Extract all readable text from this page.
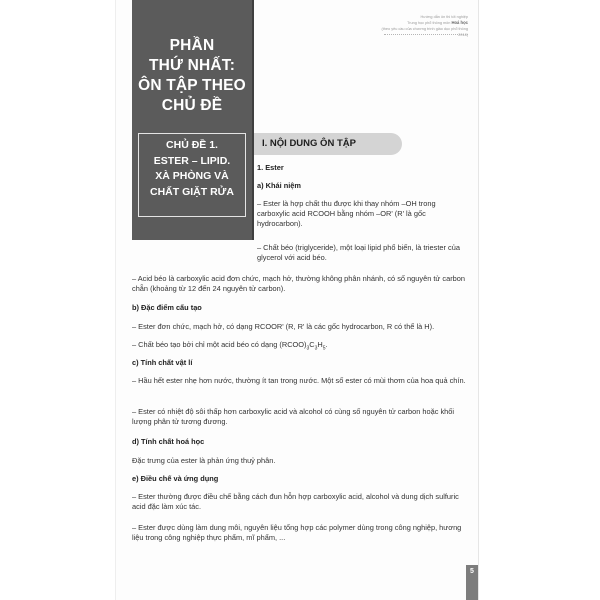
PHẦN
THỨ NHẤT:
ÔN TẬP THEO
CHỦ ĐỀ
CHỦ ĐỀ 1.
ESTER – LIPID.
XÀ PHÒNG VÀ
CHẤT GIẶT RỬA
Hướng dẫn ôn thi tốt nghiệp
Trung học phổ thông môn Hoá học
(theo yêu cầu của chương trình giáo dục phổ thông 2018)
I. NỘI DUNG ÔN TẬP
1. Ester
a) Khái niệm
– Ester là hợp chất thu được khi thay nhóm –OH trong carboxylic acid RCOOH bằng nhóm –OR' (R' là gốc hydrocarbon).
– Chất béo (triglyceride), một loại lipid phổ biến, là triester của glycerol với acid béo.
– Acid béo là carboxylic acid đơn chức, mạch hở, thường không phân nhánh, có số nguyên tử carbon chẵn (khoảng từ 12 đến 24 nguyên tử carbon).
b) Đặc điểm cấu tạo
– Ester đơn chức, mạch hở, có dạng RCOOR' (R, R' là các gốc hydrocarbon, R có thể là H).
– Chất béo tạo bởi chỉ một acid béo có dạng $(RCOO)_3C_3H_5$.
c) Tính chất vật lí
– Hầu hết ester nhẹ hơn nước, thường ít tan trong nước. Một số ester có mùi thơm của hoa quả chín.
– Ester có nhiệt độ sôi thấp hơn carboxylic acid và alcohol có cùng số nguyên tử carbon hoặc khối lượng phân tử tương đương.
d) Tính chất hoá học
Đặc trưng của ester là phản ứng thuỷ phân.
e) Điều chế và ứng dụng
– Ester thường được điều chế bằng cách đun hỗn hợp carboxylic acid, alcohol và dung dịch sulfuric acid đặc làm xúc tác.
– Ester được dùng làm dung môi, nguyên liệu tổng hợp các polymer dùng trong công nghiệp, hương liệu trong công nghiệp thực phẩm, mĩ phẩm, ...
5
